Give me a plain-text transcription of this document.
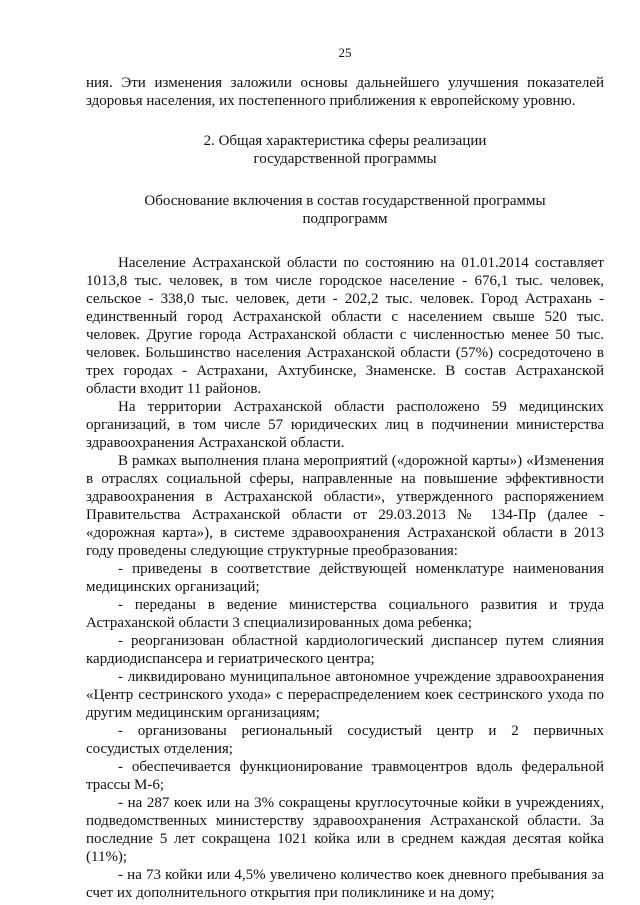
25

ния. Эти изменения заложили основы дальнейшего улучшения показателей здоровья населения, их постепенного приближения к европейскому уровню.

2. Общая характеристика сферы реализации

государственной программы

Обоснование включения в состав государственной программы

подпрограмм

Население Астраханской области по состоянию на 01.01.2014 составляет 1013,8 тыс. человек, в том числе городское население - 676,1 тыс. человек, сельское - 338,0 тыс. человек, дети - 202,2 тыс. человек. Город Астрахань - единственный город Астраханской области с населением свыше 520 тыс. человек. Другие города Астраханской области с численностью менее 50 тыс. человек. Большинство населения Астраханской области (57%) сосредоточено в трех городах - Астрахани, Ахтубинске, Знаменске. В состав Астраханской области входит 11 районов.

На территории Астраханской области расположено 59 медицинских организаций, в том числе 57 юридических лиц в подчинении министерства здравоохранения Астраханской области.

В рамках выполнения плана мероприятий («дорожной карты») «Изменения в отраслях социальной сферы, направленные на повышение эффективности здравоохранения в Астраханской области», утвержденного распоряжением Правительства Астраханской области от 29.03.2013 № 134-Пр (далее - «дорожная карта»), в системе здравоохранения Астраханской области в 2013 году проведены следующие структурные преобразования:

- приведены в соответствие действующей номенклатуре наименования медицинских организаций;

- переданы в ведение министерства социального развития и труда Астраханской области 3 специализированных дома ребенка;

- реорганизован областной кардиологический диспансер путем слияния кардиодиспансера и гериатрического центра;

- ликвидировано муниципальное автономное учреждение здравоохранения «Центр сестринского ухода» с перераспределением коек сестринского ухода по другим медицинским организациям;

- организованы региональный сосудистый центр и 2 первичных сосудистых отделения;

- обеспечивается функционирование травмоцентров вдоль федеральной трассы М-6;

- на 287 коек или на 3% сокращены круглосуточные койки в учреждениях, подведомственных министерству здравоохранения Астраханской области. За последние 5 лет сокращена 1021 койка или в среднем каждая десятая койка (11%);

- на 73 койки или 4,5% увеличено количество коек дневного пребывания за счет их дополнительного открытия при поликлинике и на дому;
